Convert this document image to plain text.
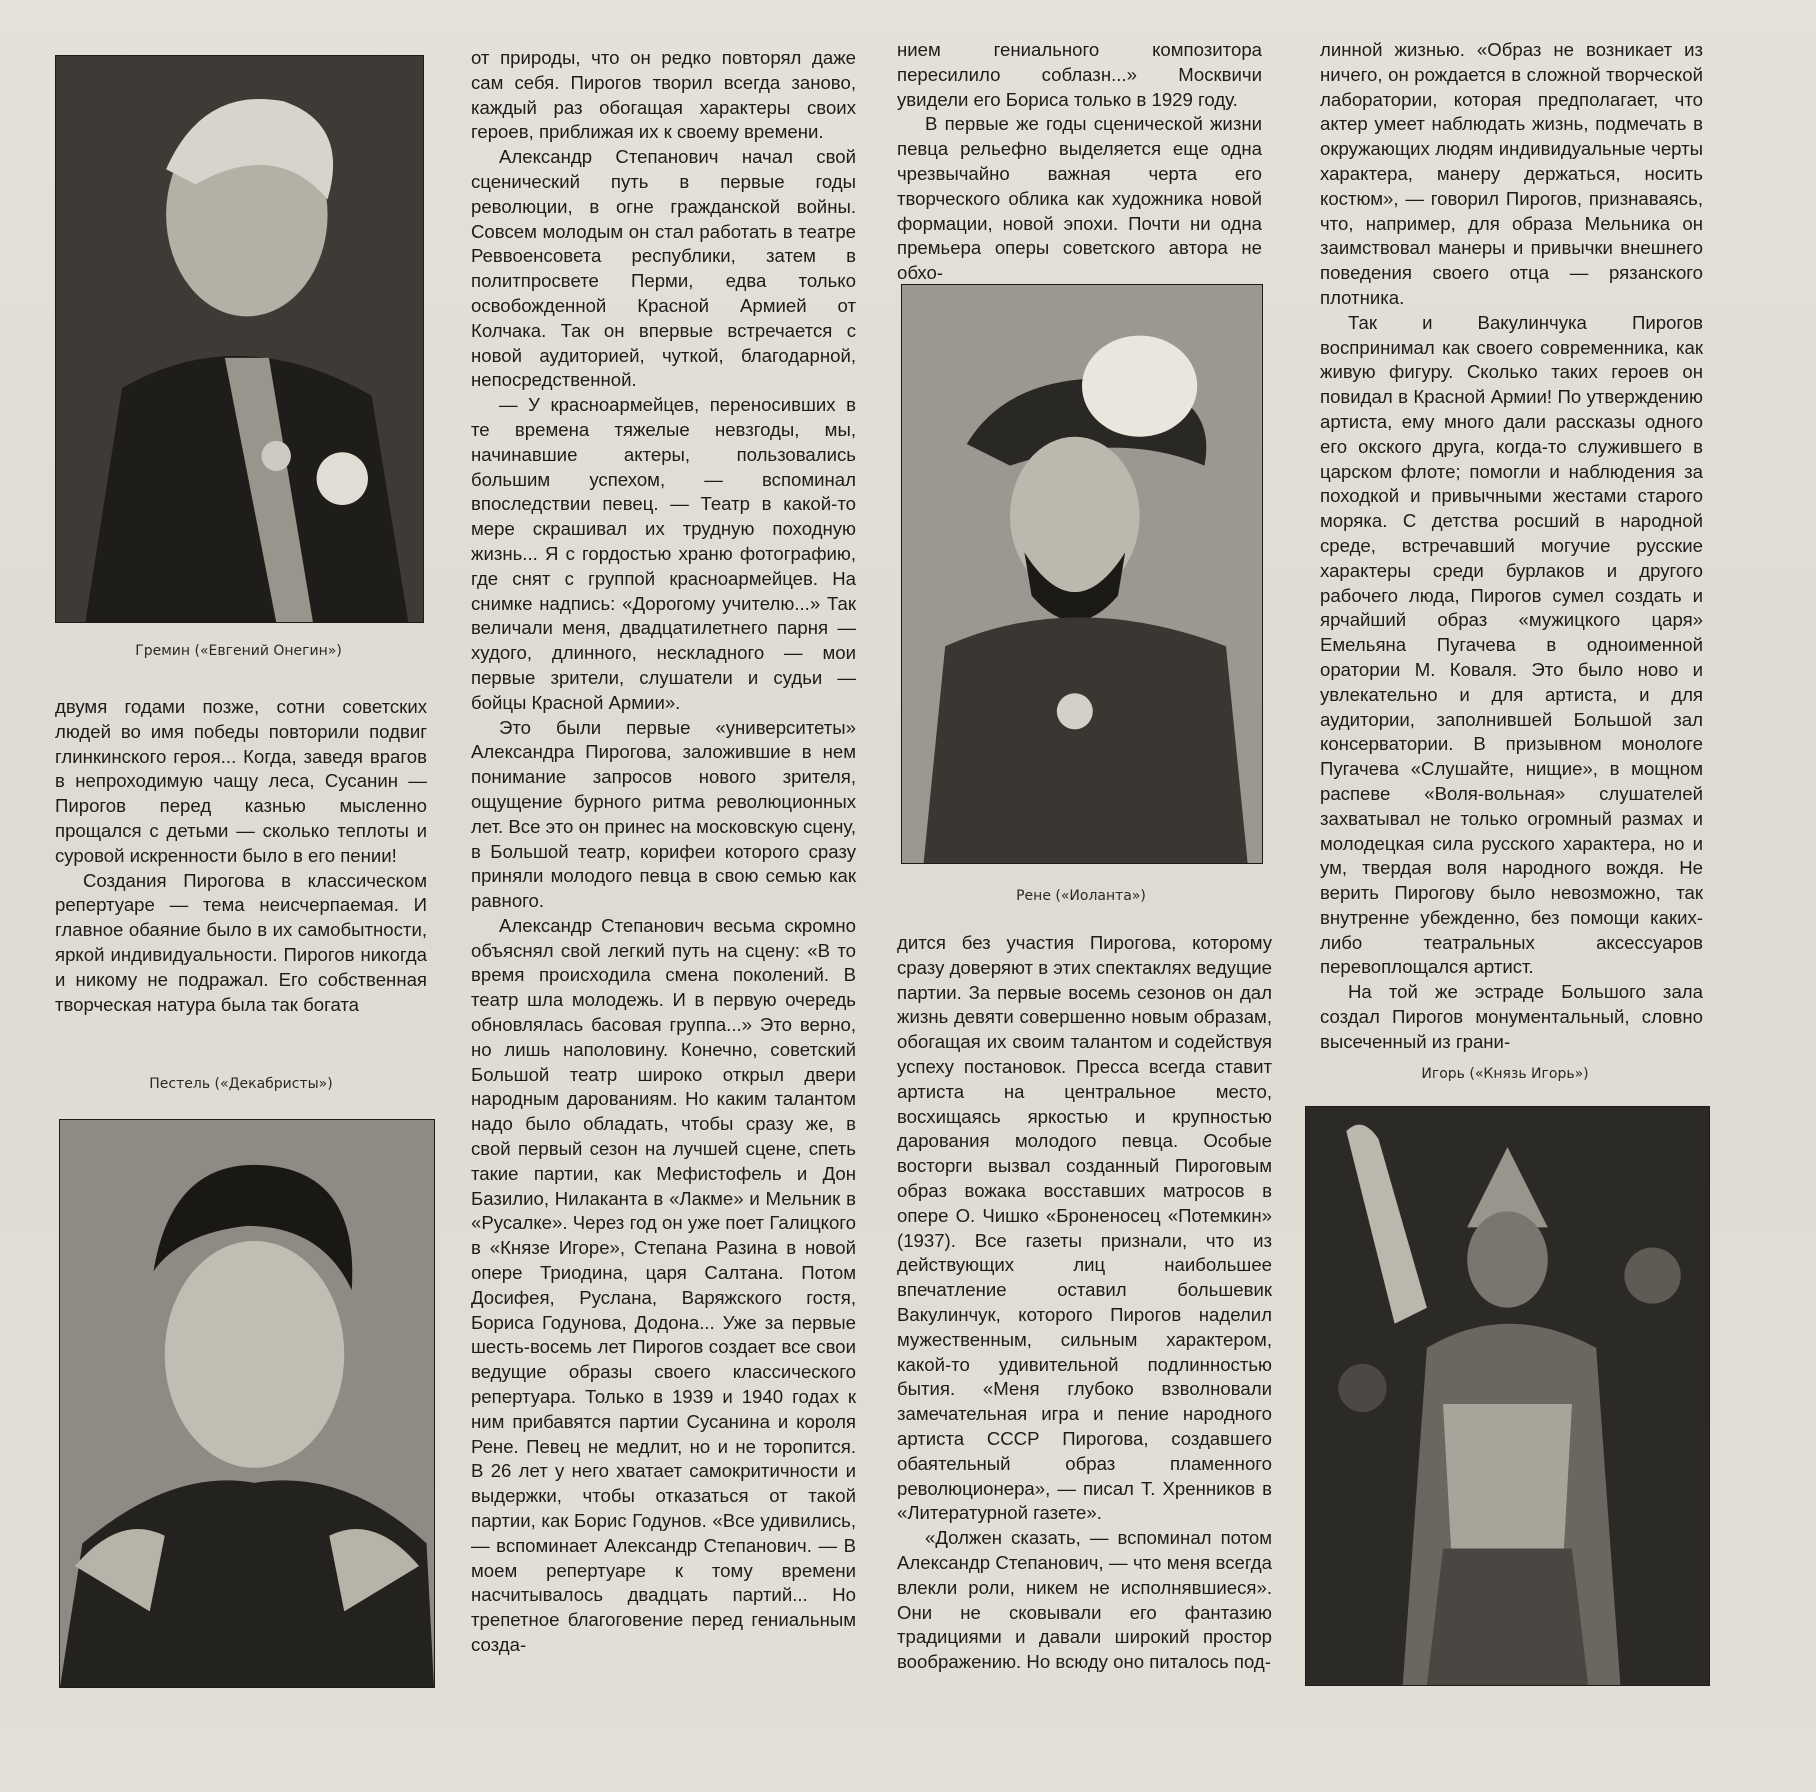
Гремин («Евгений Онегин»)

двумя годами позже, сотни советских людей во имя победы повторили подвиг глинкинского героя... Когда, заведя врагов в непроходимую чащу леса, Сусанин — Пирогов перед казнью мысленно прощался с детьми — сколько теплоты и суровой искренности было в его пении!

Создания Пирогова в классическом репертуаре — тема неисчерпаемая. И главное обаяние было в их самобытности, яркой индивидуальности. Пирогов никогда и никому не подражал. Его собственная творческая натура была так богата

Пестель («Декабристы»)

от природы, что он редко повторял даже сам себя. Пирогов творил всегда заново, каждый раз обогащая характеры своих героев, приближая их к своему времени.

Александр Степанович начал свой сценический путь в первые годы революции, в огне гражданской войны. Совсем молодым он стал работать в театре Реввоенсовета республики, затем в политпросвете Перми, едва только освобожденной Красной Армией от Колчака. Так он впервые встречается с новой аудиторией, чуткой, благодарной, непосредственной.

— У красноармейцев, переносивших в те времена тяжелые невзгоды, мы, начинавшие актеры, пользовались большим успехом, — вспоминал впоследствии певец. — Театр в какой-то мере скрашивал их трудную походную жизнь... Я с гордостью храню фотографию, где снят с группой красноармейцев. На снимке надпись: «Дорогому учителю...» Так величали меня, двадцатилетнего парня — худого, длинного, нескладного — мои первые зрители, слушатели и судьи — бойцы Красной Армии».

Это были первые «университеты» Александра Пирогова, заложившие в нем понимание запросов нового зрителя, ощущение бурного ритма революционных лет. Все это он принес на московскую сцену, в Большой театр, корифеи которого сразу приняли молодого певца в свою семью как равного.

Александр Степанович весьма скромно объяснял свой легкий путь на сцену: «В то время происходила смена поколений. В театр шла молодежь. И в первую очередь обновлялась басовая группа...» Это верно, но лишь наполовину. Конечно, советский Большой театр широко открыл двери народным дарованиям. Но каким талантом надо было обладать, чтобы сразу же, в свой первый сезон на лучшей сцене, спеть такие партии, как Мефистофель и Дон Базилио, Нилаканта в «Лакме» и Мельник в «Русалке». Через год он уже поет Галицкого в «Князе Игоре», Степана Разина в новой опере Триодина, царя Салтана. Потом Досифея, Руслана, Варяжского гостя, Бориса Годунова, Додона... Уже за первые шесть-восемь лет Пирогов создает все свои ведущие образы своего классического репертуара. Только в 1939 и 1940 годах к ним прибавятся партии Сусанина и короля Рене. Певец не медлит, но и не торопится. В 26 лет у него хватает самокритичности и выдержки, чтобы отказаться от такой партии, как Борис Годунов. «Все удивились, — вспоминает Александр Степанович. — В моем репертуаре к тому времени насчитывалось двадцать партий... Но трепетное благоговение перед гениальным созда-

нием гениального композитора пересилило соблазн...» Москвичи увидели его Бориса только в 1929 году.

В первые же годы сценической жизни певца рельефно выделяется еще одна чрезвычайно важная черта его творческого облика как художника новой формации, новой эпохи. Почти ни одна премьера оперы советского автора не обхо-

Рене («Иоланта»)

дится без участия Пирогова, которому сразу доверяют в этих спектаклях ведущие партии. За первые восемь сезонов он дал жизнь девяти совершенно новым образам, обогащая их своим талантом и содействуя успеху постановок. Пресса всегда ставит артиста на центральное место, восхищаясь яркостью и крупностью дарования молодого певца. Особые восторги вызвал созданный Пироговым образ вожака восставших матросов в опере О. Чишко «Броненосец «Потемкин» (1937). Все газеты признали, что из действующих лиц наибольшее впечатление оставил большевик Вакулинчук, которого Пирогов наделил мужественным, сильным характером, какой-то удивительной подлинностью бытия. «Меня глубоко взволновали замечательная игра и пение народного артиста СССР Пирогова, создавшего обаятельный образ пламенного революционера», — писал Т. Хренников в «Литературной газете».

«Должен сказать, — вспоминал потом Александр Степанович, — что меня всегда влекли роли, никем не исполнявшиеся». Они не сковывали его фантазию традициями и давали широкий простор воображению. Но всюду оно питалось под-

линной жизнью. «Образ не возникает из ничего, он рождается в сложной творческой лаборатории, которая предполагает, что актер умеет наблюдать жизнь, подмечать в окружающих людям индивидуальные черты характера, манеру держаться, носить костюм», — говорил Пирогов, признаваясь, что, например, для образа Мельника он заимствовал манеры и привычки внешнего поведения своего отца — рязанского плотника.

Так и Вакулинчука Пирогов воспринимал как своего современника, как живую фигуру. Сколько таких героев он повидал в Красной Армии! По утверждению артиста, ему много дали рассказы одного его окского друга, когда-то служившего в царском флоте; помогли и наблюдения за походкой и привычными жестами старого моряка. С детства росший в народной среде, встречавший могучие русские характеры среди бурлаков и другого рабочего люда, Пирогов сумел создать и ярчайший образ «мужицкого царя» Емельяна Пугачева в одноименной оратории М. Коваля. Это было ново и увлекательно и для артиста, и для аудитории, заполнившей Большой зал консерватории. В призывном монологе Пугачева «Слушайте, нищие», в мощном распеве «Воля-вольная» слушателей захватывал не только огромный размах и молодецкая сила русского характера, но и ум, твердая воля народного вождя. Не верить Пирогову было невозможно, так внутренне убежденно, без помощи каких-либо театральных аксессуаров перевоплощался артист.

На той же эстраде Большого зала создал Пирогов монументальный, словно высеченный из грани-

Игорь («Князь Игорь»)
